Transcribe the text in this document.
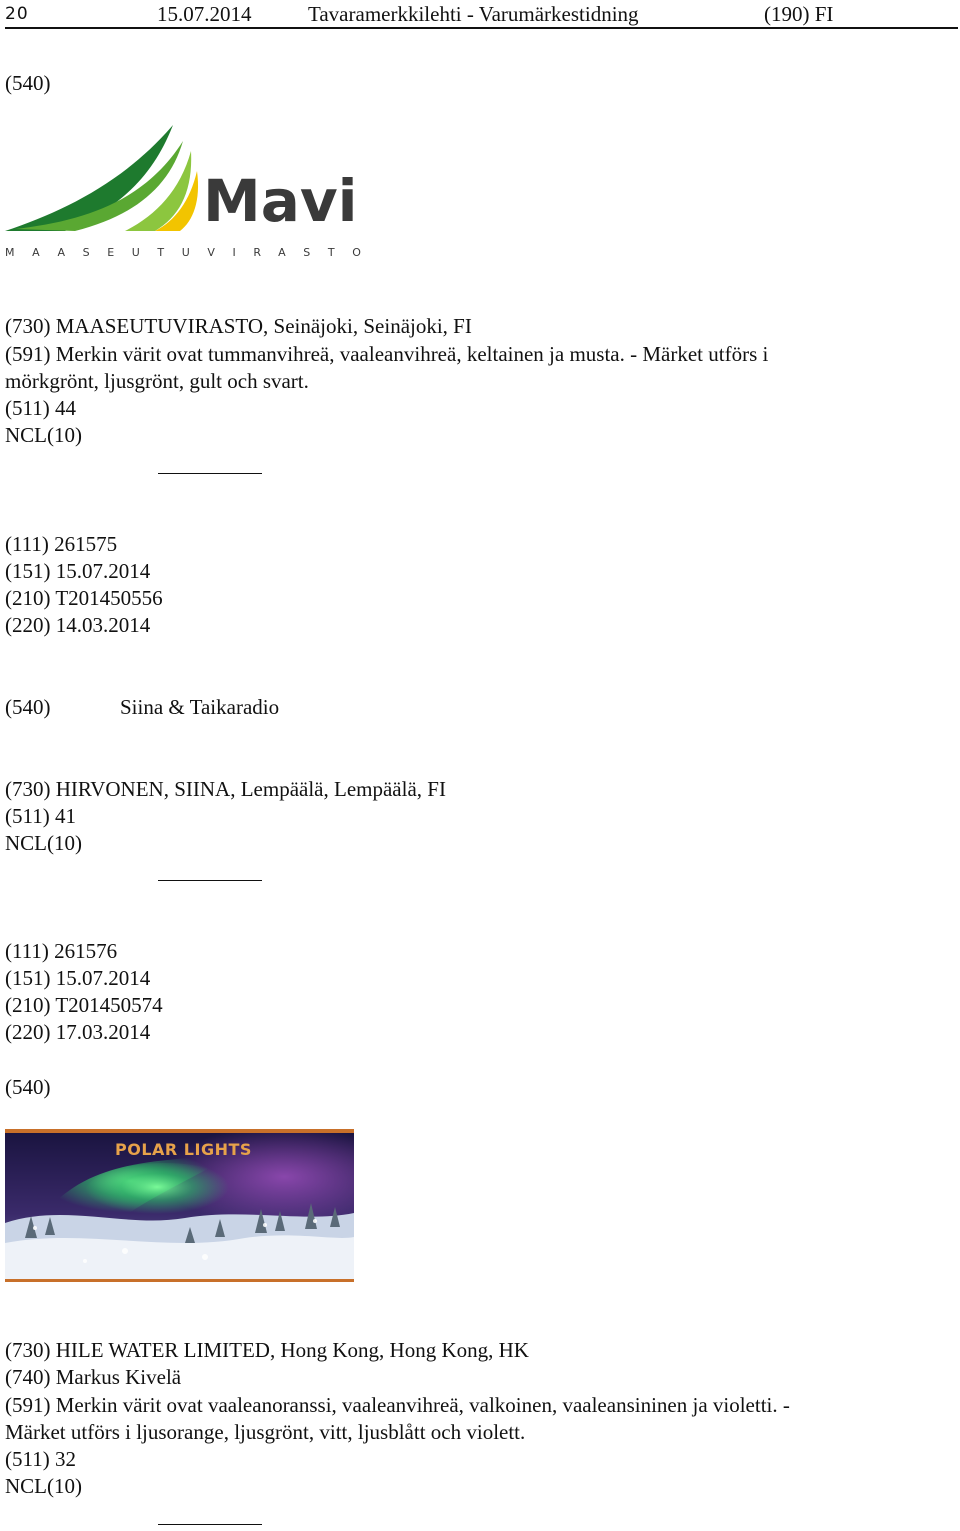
20	15.07.2014	Tavaramerkkilehti - Varumärkestidning	(190) FI
(540)
Mavi
MAASEUTUVIRASTO
(730) MAASEUTUVIRASTO, Seinäjoki, Seinäjoki, FI
(591) Merkin värit ovat tummanvihreä, vaaleanvihreä, keltainen ja musta. - Märket utförs i
mörkgrönt, ljusgrönt, gult och svart.
(511) 44
NCL(10)
(111) 261575
(151) 15.07.2014
(210) T201450556
(220) 14.03.2014
(540)	Siina & Taikaradio
(730) HIRVONEN, SIINA, Lempäälä, Lempäälä, FI
(511) 41
NCL(10)
(111) 261576
(151) 15.07.2014
(210) T201450574
(220) 17.03.2014
(540)
POLAR LIGHTS
(730) HILE WATER LIMITED, Hong Kong, Hong Kong, HK
(740) Markus Kivelä
(591) Merkin värit ovat vaaleanoranssi, vaaleanvihreä, valkoinen, vaaleansininen ja violetti. -
Märket utförs i ljusorange, ljusgrönt, vitt, ljusblått och violett.
(511) 32
NCL(10)
